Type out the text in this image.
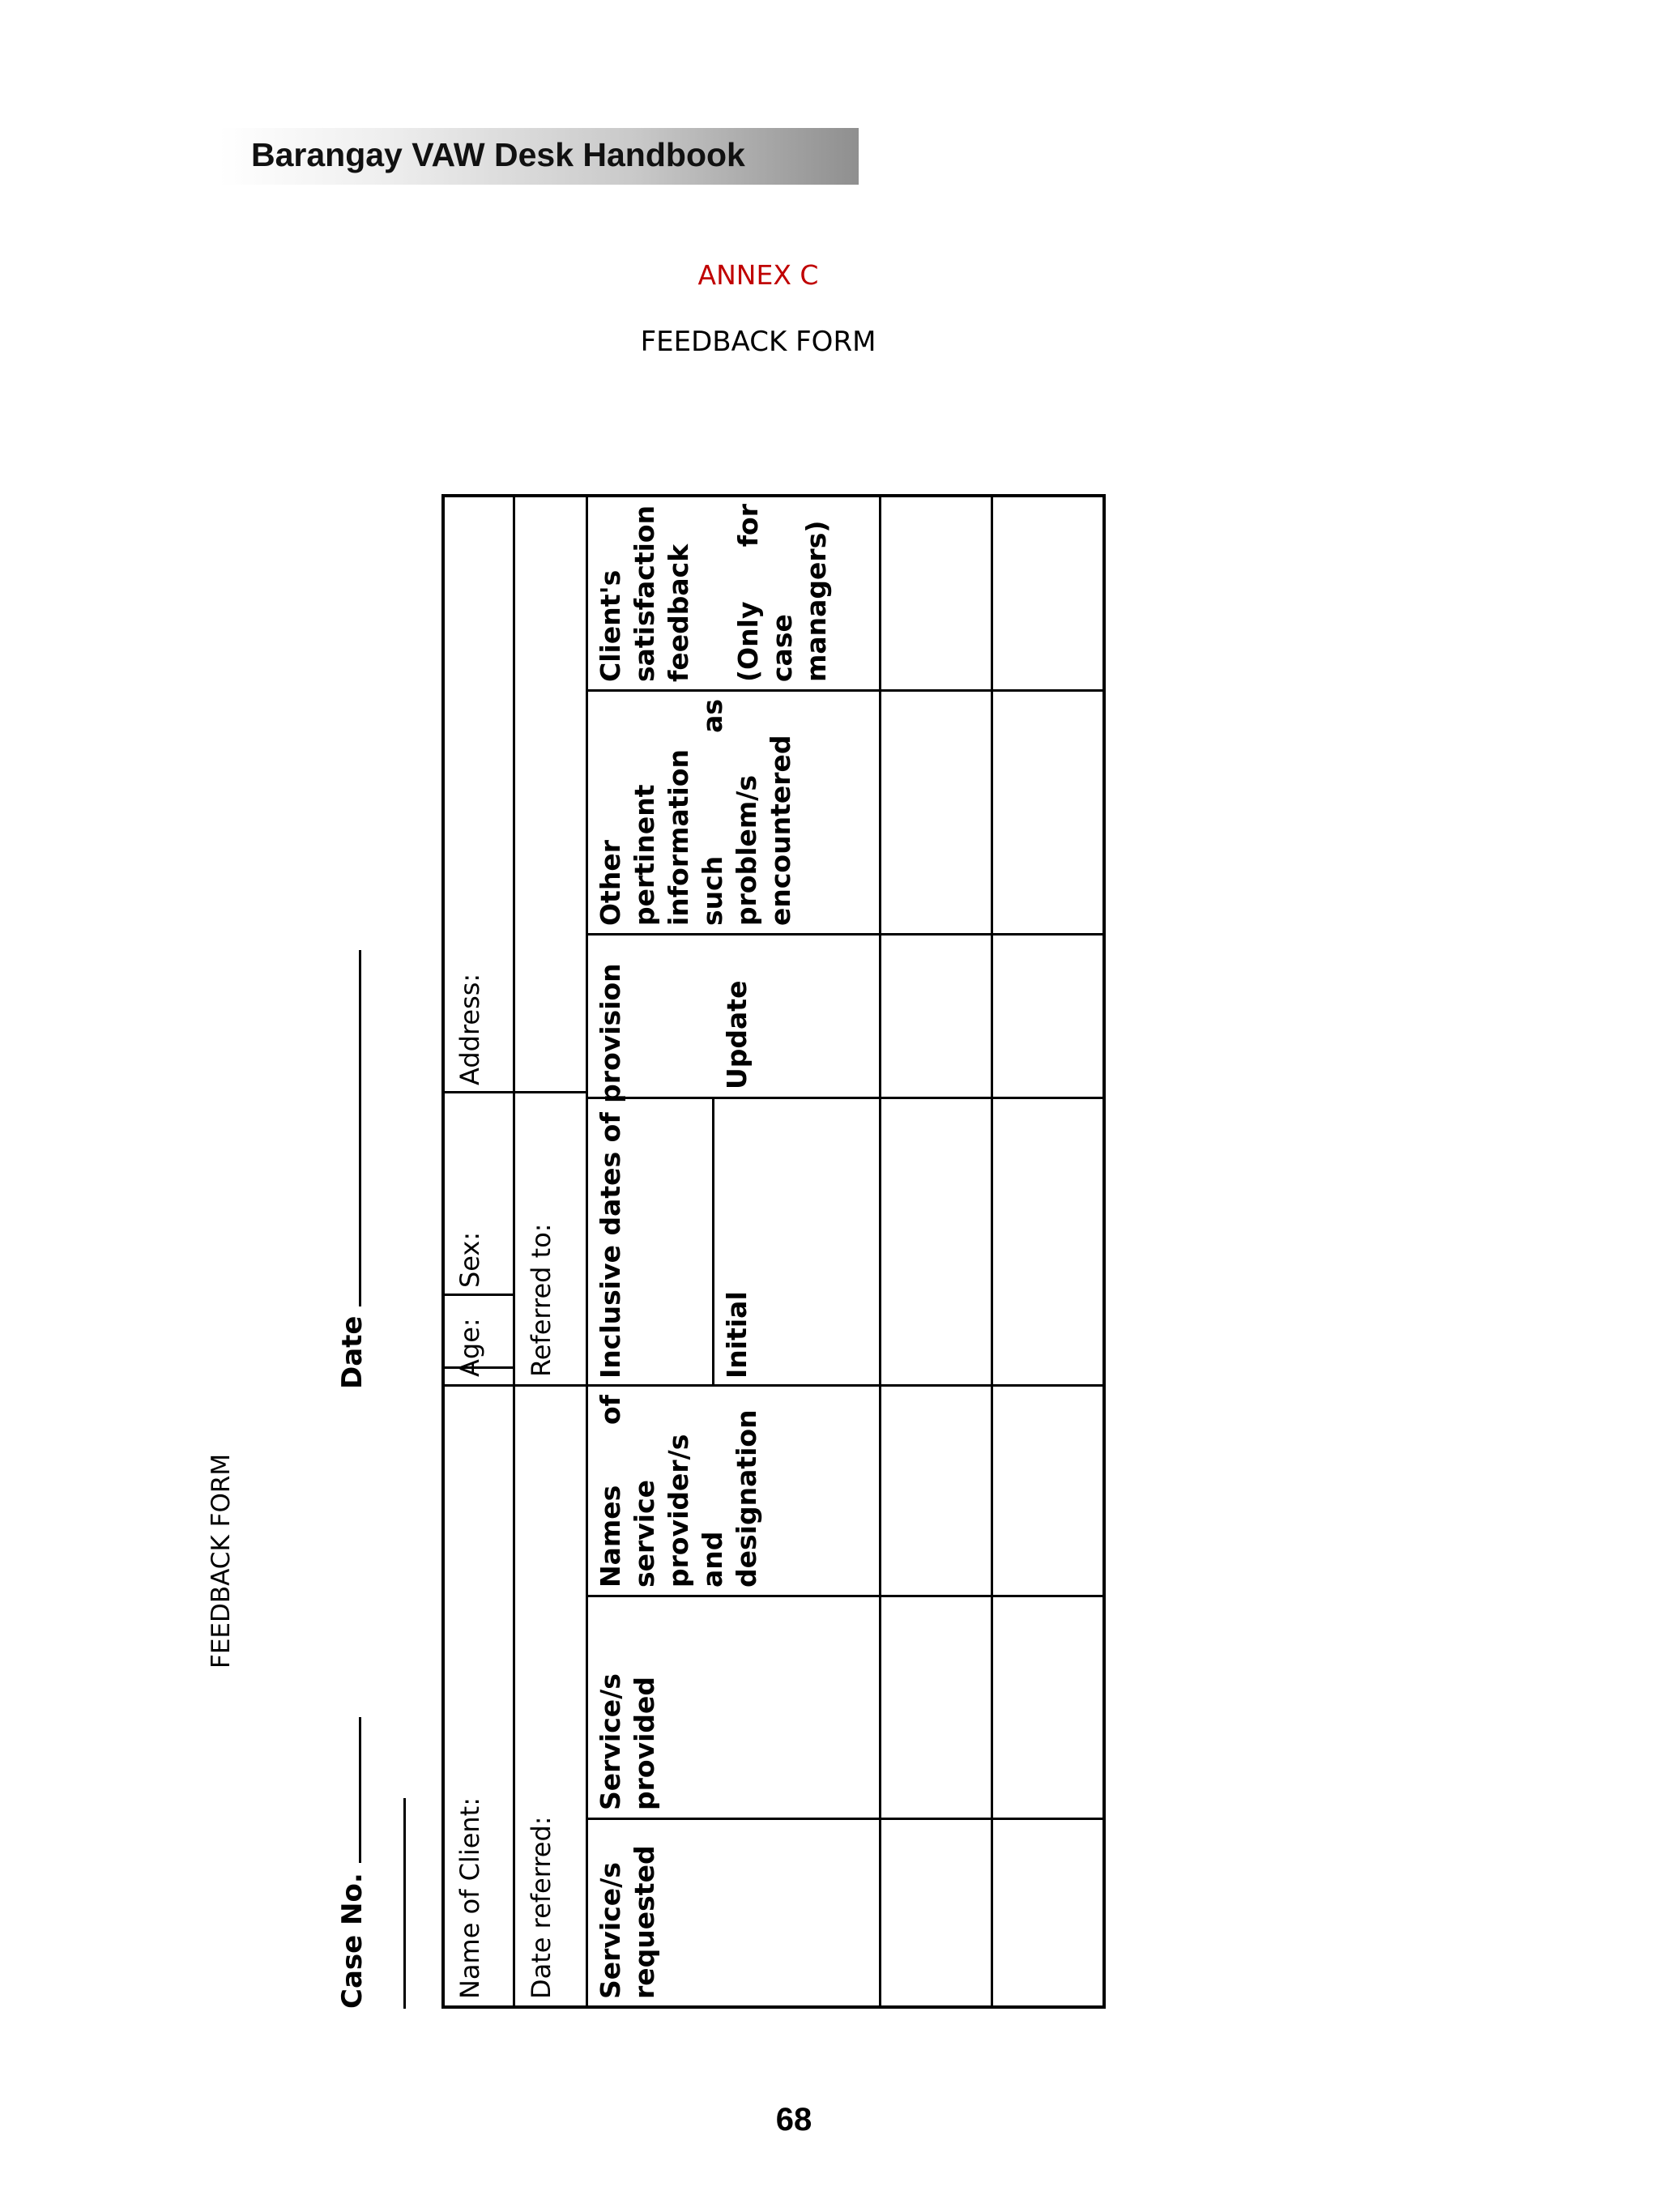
Barangay VAW Desk Handbook
ANNEX C
FEEDBACK FORM
FEEDBACK FORM
Case No.
Date
Name of Client:
Age:
Sex:
Address:
Date referred:
Referred to:
Service/s requested
Service/s provided
Names of service provider/s and designation
Inclusive dates of provision	Initial
Update
Other pertinent information such as problem/s encountered
Client's satisfaction feedback	(Only for case managers)
68
